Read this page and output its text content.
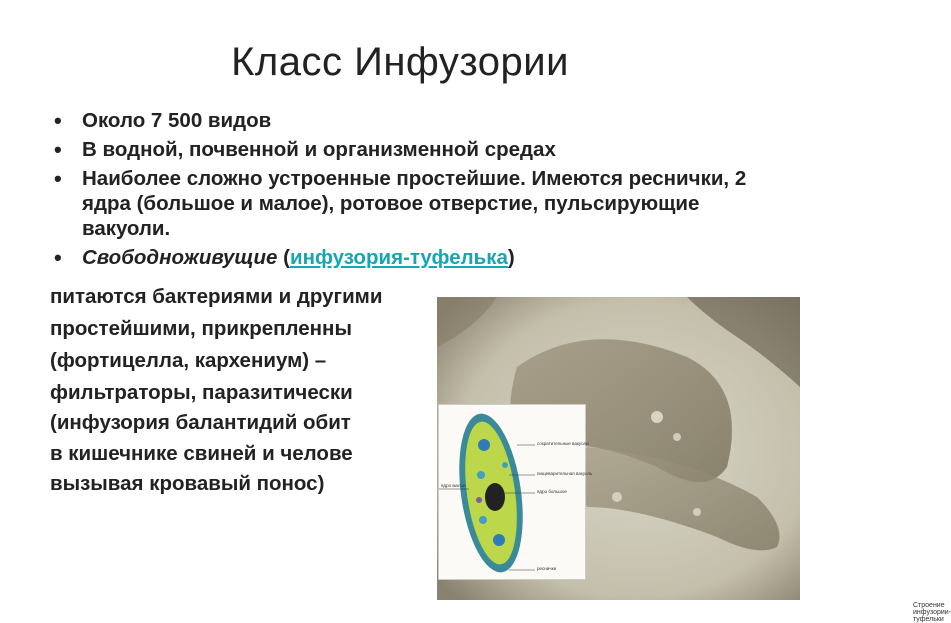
Класс Инфузории
• Около 7 500 видов
• В водной, почвенной и организменной средах
• Наиболее сложно устроенные простейшие. Имеются реснички, 2 ядра (большое и малое), ротовое отверстие, пульсирующие вакуоли.
• Свободноживущие (инфузория-туфелька)
Строение инфузории-туфельки
сократительные вакуоли
пищеварительная вакуоль
ядро большое
ядро малое
реснички
питаются бактериями и другими
простейшими, прикрепленны
(фортицелла, кархениум) –
фильтраторы, паразитически
(инфузория балантидий обит
в кишечнике свиней и челове
вызывая кровавый понос)
